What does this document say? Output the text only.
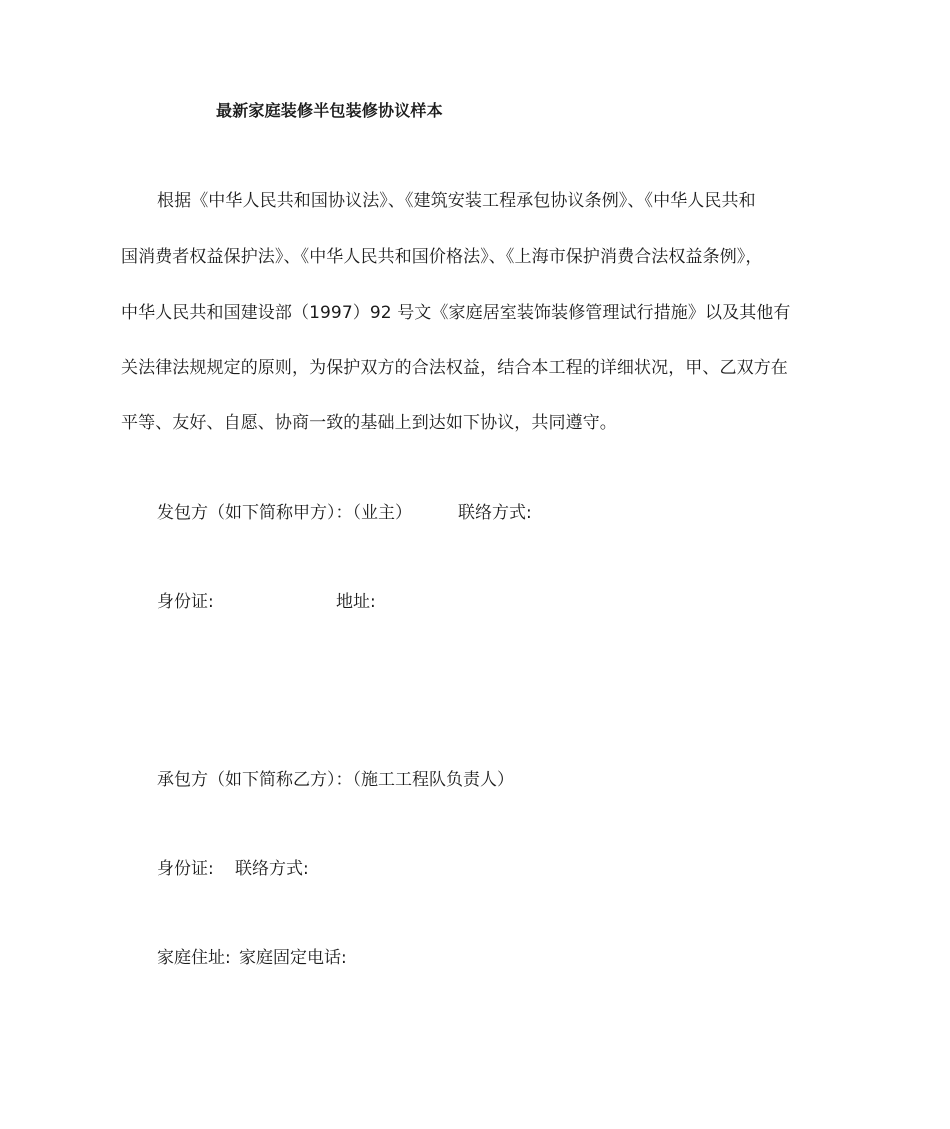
最新家庭装修半包装修协议样本
根据《中华人民共和国协议法》、《建筑安装工程承包协议条例》、《中华人民共和
国消费者权益保护法》、《中华人民共和国价格法》、《上海市保护消费合法权益条例》，
中华人民共和国建设部（1997）92 号文《家庭居室装饰装修管理试行措施》以及其他有
关法律法规规定的原则，为保护双方的合法权益，结合本工程的详细状况，甲、乙双方在
平等、友好、自愿、协商一致的基础上到达如下协议，共同遵守。
发包方（如下简称甲方）：（业主）	联络方式:
身份证:	地址:
承包方（如下简称乙方）：（施工工程队负责人）
身份证: 联络方式:
家庭住址: 家庭固定电话:
